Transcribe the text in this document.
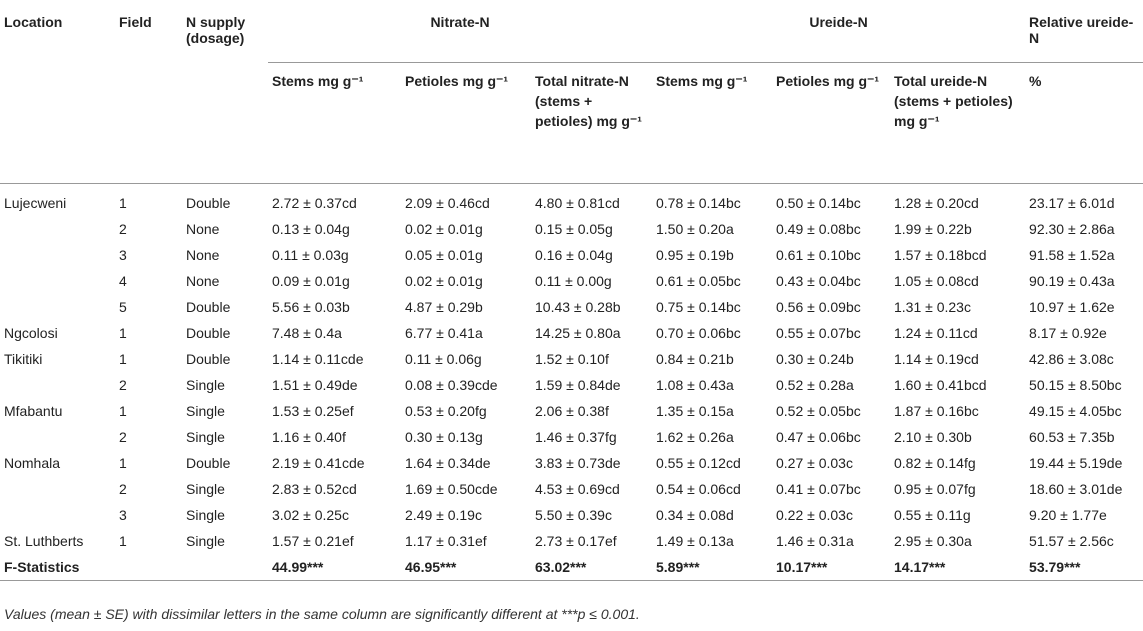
Location	Field	N supply (dosage)	Nitrate-N			Ureide-N			Relative ureide-N
			Stems mg g⁻¹	Petioles mg g⁻¹	Total nitrate-N (stems + petioles) mg g⁻¹	Stems mg g⁻¹	Petioles mg g⁻¹	Total ureide-N (stems + petioles) mg g⁻¹	%
Lujecweni	1	Double	2.72 ± 0.37cd	2.09 ± 0.46cd	4.80 ± 0.81cd	0.78 ± 0.14bc	0.50 ± 0.14bc	1.28 ± 0.20cd	23.17 ± 6.01d
	2	None	0.13 ± 0.04g	0.02 ± 0.01g	0.15 ± 0.05g	1.50 ± 0.20a	0.49 ± 0.08bc	1.99 ± 0.22b	92.30 ± 2.86a
	3	None	0.11 ± 0.03g	0.05 ± 0.01g	0.16 ± 0.04g	0.95 ± 0.19b	0.61 ± 0.10bc	1.57 ± 0.18bcd	91.58 ± 1.52a
	4	None	0.09 ± 0.01g	0.02 ± 0.01g	0.11 ± 0.00g	0.61 ± 0.05bc	0.43 ± 0.04bc	1.05 ± 0.08cd	90.19 ± 0.43a
	5	Double	5.56 ± 0.03b	4.87 ± 0.29b	10.43 ± 0.28b	0.75 ± 0.14bc	0.56 ± 0.09bc	1.31 ± 0.23c	10.97 ± 1.62e
Ngcolosi	1	Double	7.48 ± 0.4a	6.77 ± 0.41a	14.25 ± 0.80a	0.70 ± 0.06bc	0.55 ± 0.07bc	1.24 ± 0.11cd	8.17 ± 0.92e
Tikitiki	1	Double	1.14 ± 0.11cde	0.11 ± 0.06g	1.52 ± 0.10f	0.84 ± 0.21b	0.30 ± 0.24b	1.14 ± 0.19cd	42.86 ± 3.08c
	2	Single	1.51 ± 0.49de	0.08 ± 0.39cde	1.59 ± 0.84de	1.08 ± 0.43a	0.52 ± 0.28a	1.60 ± 0.41bcd	50.15 ± 8.50bc
Mfabantu	1	Single	1.53 ± 0.25ef	0.53 ± 0.20fg	2.06 ± 0.38f	1.35 ± 0.15a	0.52 ± 0.05bc	1.87 ± 0.16bc	49.15 ± 4.05bc
	2	Single	1.16 ± 0.40f	0.30 ± 0.13g	1.46 ± 0.37fg	1.62 ± 0.26a	0.47 ± 0.06bc	2.10 ± 0.30b	60.53 ± 7.35b
Nomhala	1	Double	2.19 ± 0.41cde	1.64 ± 0.34de	3.83 ± 0.73de	0.55 ± 0.12cd	0.27 ± 0.03c	0.82 ± 0.14fg	19.44 ± 5.19de
	2	Single	2.83 ± 0.52cd	1.69 ± 0.50cde	4.53 ± 0.69cd	0.54 ± 0.06cd	0.41 ± 0.07bc	0.95 ± 0.07fg	18.60 ± 3.01de
	3	Single	3.02 ± 0.25c	2.49 ± 0.19c	5.50 ± 0.39c	0.34 ± 0.08d	0.22 ± 0.03c	0.55 ± 0.11g	9.20 ± 1.77e
St. Luthberts	1	Single	1.57 ± 0.21ef	1.17 ± 0.31ef	2.73 ± 0.17ef	1.49 ± 0.13a	1.46 ± 0.31a	2.95 ± 0.30a	51.57 ± 2.56c
F-Statistics			44.99***	46.95***	63.02***	5.89***	10.17***	14.17***	53.79***
Values (mean ± SE) with dissimilar letters in the same column are significantly different at ***p ≤ 0.001.
